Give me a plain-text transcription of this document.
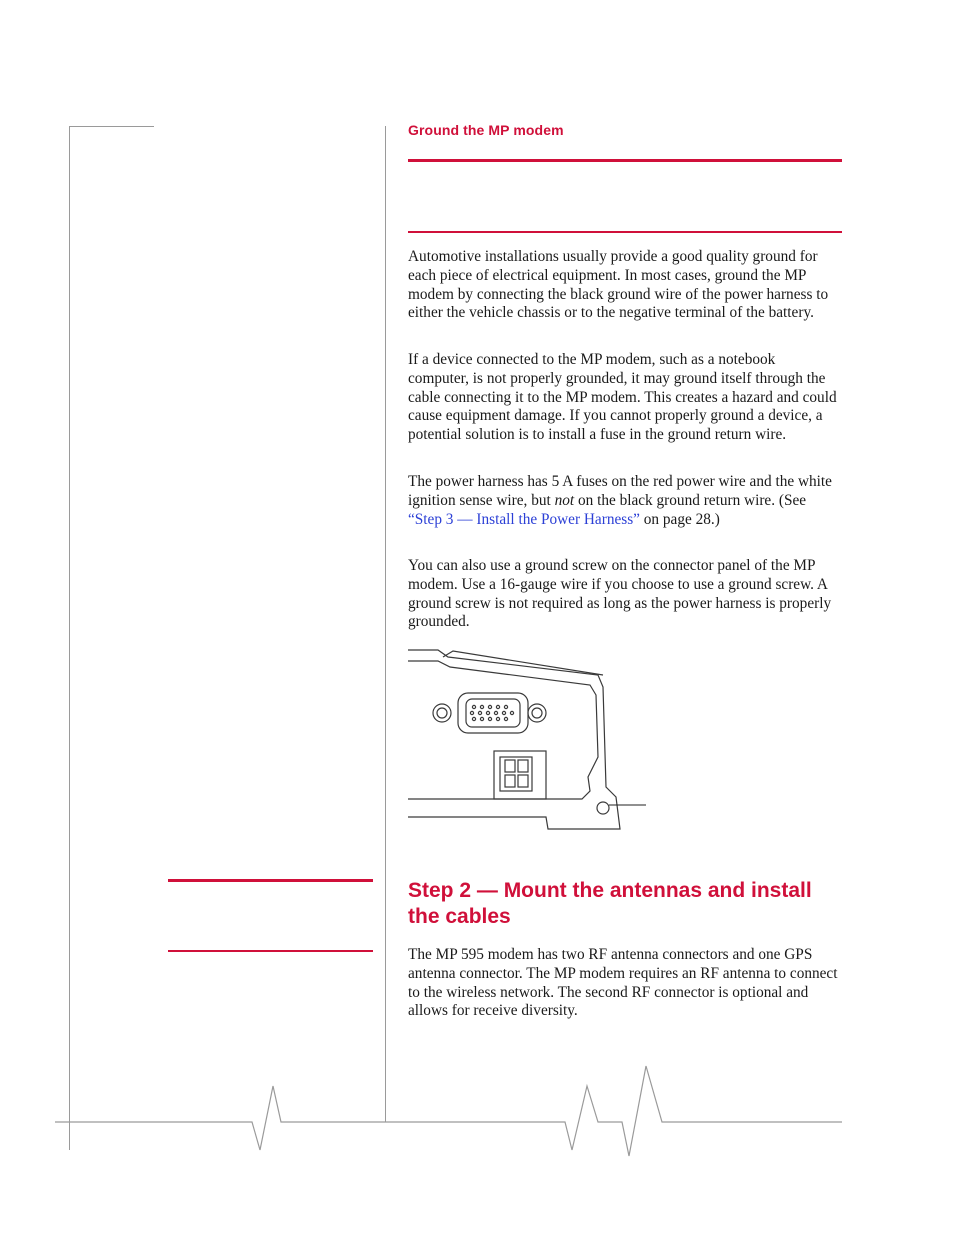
Ground the MP modem

Automotive installations usually provide a good quality ground for each piece of electrical equipment. In most cases, ground the MP modem by connecting the black ground wire of the power harness to either the vehicle chassis or to the negative terminal of the battery.

If a device connected to the MP modem, such as a notebook computer, is not properly grounded, it may ground itself through the cable connecting it to the MP modem. This creates a hazard and could cause equipment damage. If you cannot properly ground a device, a potential solution is to install a fuse in the ground return wire.

The power harness has 5 A fuses on the red power wire and the white ignition sense wire, but not on the black ground return wire. (See “Step 3 — Install the Power Harness” on page 28.)

You can also use a ground screw on the connector panel of the MP modem. Use a 16-gauge wire if you choose to use a ground screw. A ground screw is not required as long as the power harness is properly grounded.

Step 2 — Mount the antennas and install the cables

The MP 595 modem has two RF antenna connectors and one GPS antenna connector. The MP modem requires an RF antenna to connect to the wireless network. The second RF connector is optional and allows for receive diversity.
